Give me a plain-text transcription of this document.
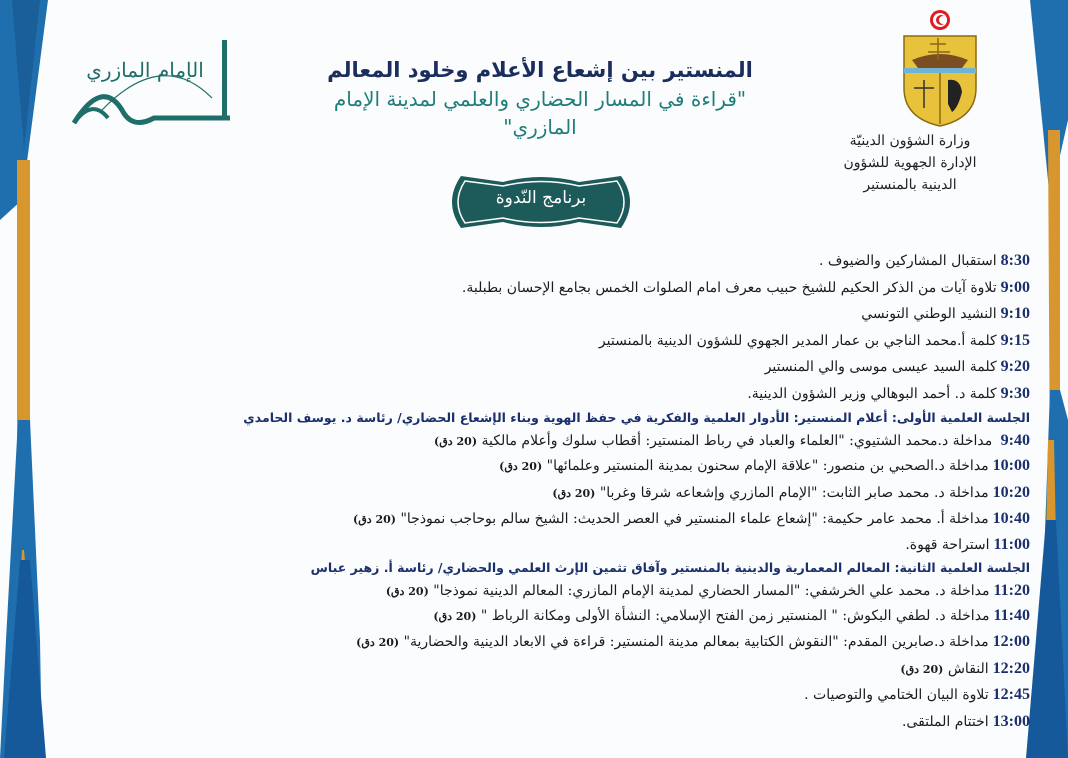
الإمام المازري	المنستير بين إشعاع الأعلام وخلود المعالم
"قراءة في المسار الحضاري والعلمي لمدينة الإمام المازري"
وزارة الشؤون الدينيّة
الإدارة الجهوية للشؤون
الدينية بالمنستير
برنامج النّدوة
8:30استقبال المشاركين والضيوف .
9:00تلاوة آيات من الذكر الحكيم للشيخ حبيب معرف امام الصلوات الخمس بجامع الإحسان بطبلبة.
9:10النشيد الوطني التونسي
9:15كلمة أ.محمد الناجي بن عمار المدير الجهوي للشؤون الدينية بالمنستير
9:20كلمة السيد عيسى موسى والي المنستير
9:30كلمة د. أحمد البوهالي وزير الشؤون الدينية.
الجلسة العلمية الأولى: أعلام المنستير: الأدوار العلمية والفكرية في حفظ الهوية وبناء الإشعاع الحضاري/ رئاسة د. يوسف الحامدي
9:40 مداخلة د.محمد الشتيوي: "العلماء والعباد في رباط المنستير: أقطاب سلوك وأعلام مالكية (20 دق)
10:00مداخلة د.الصحبي بن منصور: "علاقة الإمام سحنون بمدينة المنستير وعلمائها" (20 دق)
10:20مداخلة د. محمد صابر الثابت: "الإمام المازري وإشعاعه شرقا وغربا" (20 دق)
10:40مداخلة أ. محمد عامر حكيمة: "إشعاع علماء المنستير في العصر الحديث: الشيخ سالم بوحاجب نموذجا" (20 دق)
11:00استراحة قهوة.
الجلسة العلمية الثانية: المعالم المعمارية والدينية بالمنستير وآفاق تثمين الإرث العلمي والحضاري/ رئاسة أ. زهير عباس
11:20مداخلة د. محمد علي الخرشفي: "المسار الحضاري لمدينة الإمام المازري: المعالم الدينية نموذجا" (20 دق)
11:40مداخلة د. لطفي البكوش: " المنستير زمن الفتح الإسلامي: النشأة الأولى ومكانة الرباط " (20 دق)
12:00مداخلة د.صابرين المقدم: "النقوش الكتابية بمعالم مدينة المنستير: قراءة في الابعاد الدينية والحضارية" (20 دق)
12:20النقاش (20 دق)
12:45تلاوة البيان الختامي والتوصيات .
13:00اختتام الملتقى.
